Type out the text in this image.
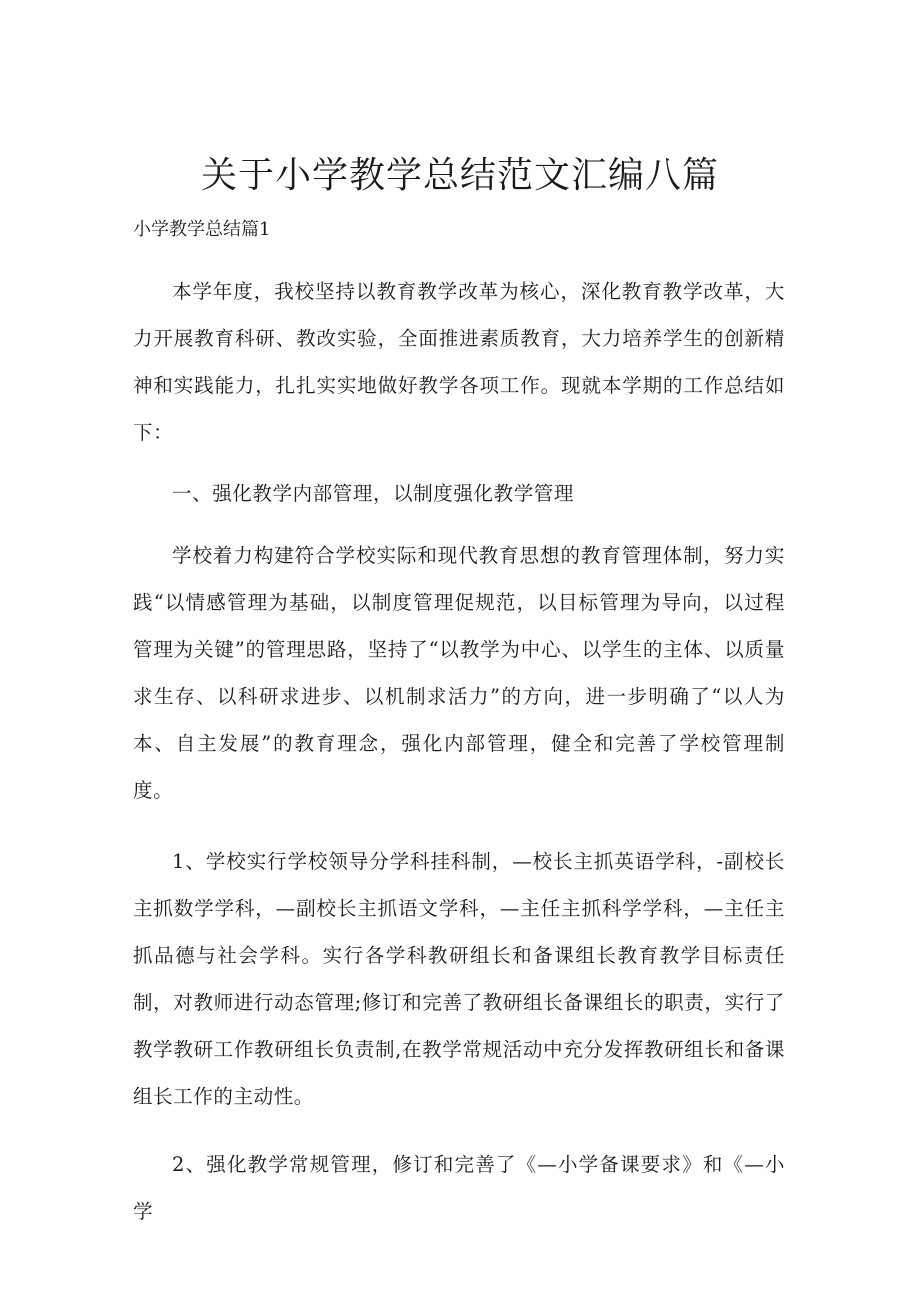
关于小学教学总结范文汇编八篇
小学教学总结篇1

本学年度，我校坚持以教育教学改革为核心，深化教育教学改革，大力开展教育科研、教改实验，全面推进素质教育，大力培养学生的创新精神和实践能力，扎扎实实地做好教学各项工作。现就本学期的工作总结如下：

一、强化教学内部管理，以制度强化教学管理

学校着力构建符合学校实际和现代教育思想的教育管理体制，努力实践“以情感管理为基础，以制度管理促规范，以目标管理为导向，以过程管理为关键”的管理思路，坚持了“以教学为中心、以学生的主体、以质量求生存、以科研求进步、以机制求活力”的方向，进一步明确了“以人为本、自主发展”的教育理念，强化内部管理，健全和完善了学校管理制度。

1、学校实行学校领导分学科挂科制，—校长主抓英语学科，-副校长主抓数学学科，—副校长主抓语文学科，—主任主抓科学学科，—主任主抓品德与社会学科。实行各学科教研组长和备课组长教育教学目标责任制，对教师进行动态管理;修订和完善了教研组长备课组长的职责，实行了教学教研工作教研组长负责制,在教学常规活动中充分发挥教研组长和备课组长工作的主动性。

2、强化教学常规管理，修订和完善了《—小学备课要求》和《—小学
